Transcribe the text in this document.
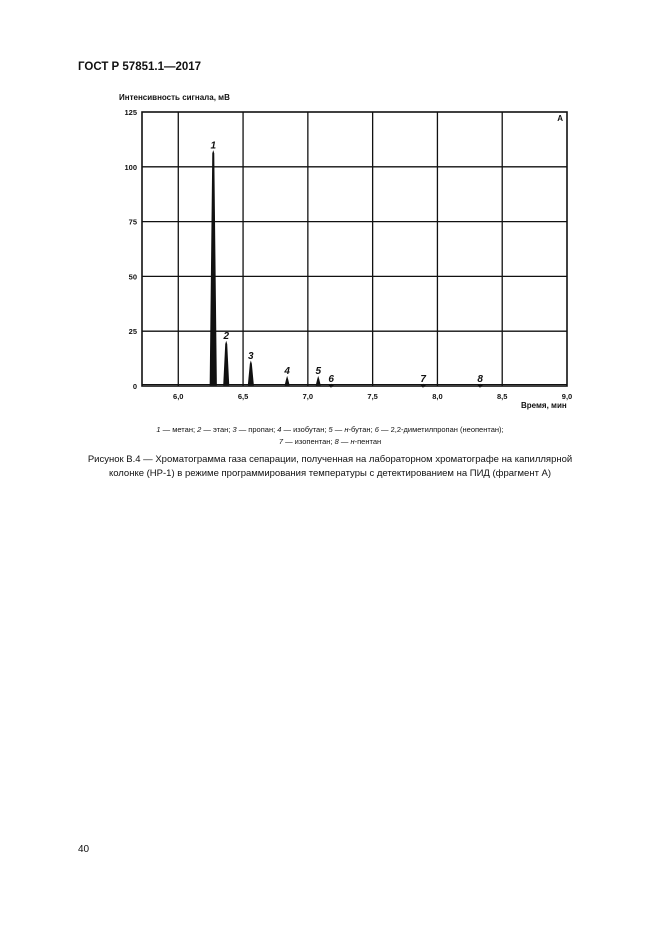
ГОСТ Р 57851.1—2017
Интенсивность сигнала, мВ
6,0	6,5	7,0	7,5	8,0	8,5	9,0
0
25
50
75
100
125
A
1
2
3
4	5
6	7	8
Время, мин
1 — метан; 2 — этан; 3 — пропан; 4 — изобутан; 5 — н-бутан; 6 — 2,2-диметилпропан (неопентан);
7 — изопентан; 8 — н-пентан
Рисунок В.4 — Хроматограмма газа сепарации, полученная на лабораторном хроматографе на капиллярной колонке (HP-1) в режиме программирования температуры с детектированием на ПИД (фрагмент А)
40
